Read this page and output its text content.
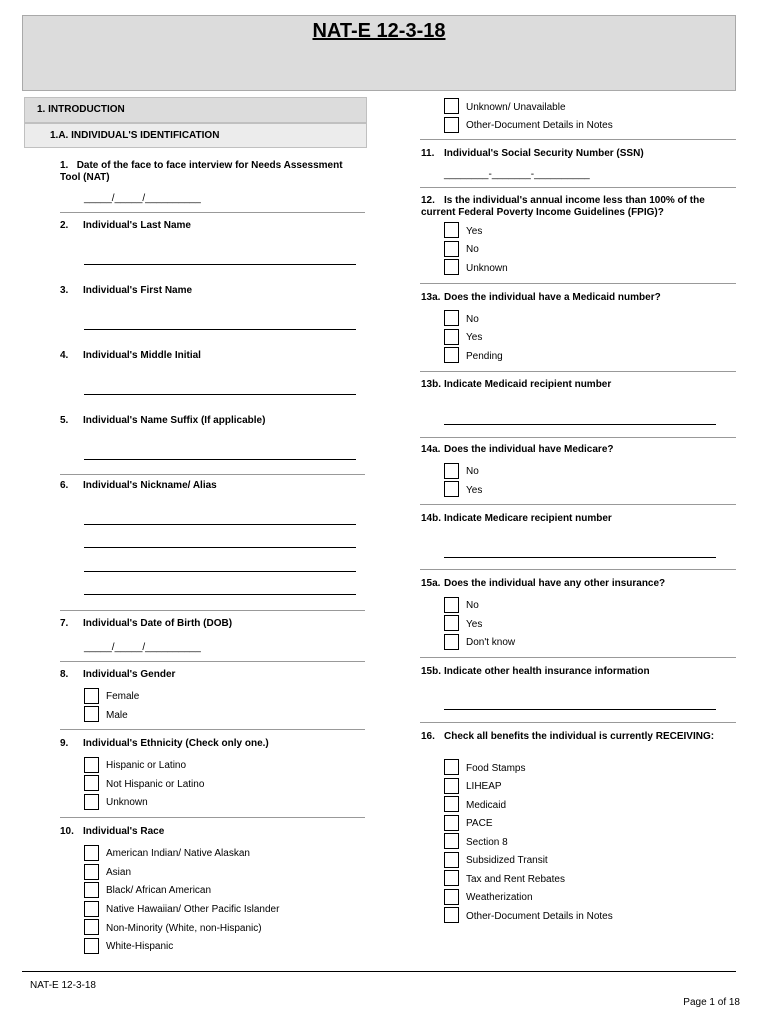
NAT-E 12-3-18
1. INTRODUCTION
1.A. INDIVIDUAL'S IDENTIFICATION
1. Date of the face to face interview for Needs Assessment Tool (NAT)
_____/_____/__________
2. Individual's Last Name
3. Individual's First Name
4. Individual's Middle Initial
5. Individual's Name Suffix (If applicable)
6. Individual's Nickname/ Alias
7. Individual's Date of Birth (DOB)
_____/_____/__________
8. Individual's Gender
Female
Male
9. Individual's Ethnicity (Check only one.)
Hispanic or Latino
Not Hispanic or Latino
Unknown
10. Individual's Race
American Indian/ Native Alaskan
Asian
Black/ African American
Native Hawaiian/ Other Pacific Islander
Non-Minority (White, non-Hispanic)
White-Hispanic
Unknown/ Unavailable
Other-Document Details in Notes
11. Individual's Social Security Number (SSN)
________-_______-__________
12. Is the individual's annual income less than 100% of the current Federal Poverty Income Guidelines (FPIG)?
Yes
No
Unknown
13a. Does the individual have a Medicaid number?
No
Yes
Pending
13b. Indicate Medicaid recipient number
14a. Does the individual have Medicare?
No
Yes
14b. Indicate Medicare recipient number
15a. Does the individual have any other insurance?
No
Yes
Don't know
15b. Indicate other health insurance information
16. Check all benefits the individual is currently RECEIVING:
Food Stamps
LIHEAP
Medicaid
PACE
Section 8
Subsidized Transit
Tax and Rent Rebates
Weatherization
Other-Document Details in Notes
NAT-E 12-3-18
Page 1 of 18
